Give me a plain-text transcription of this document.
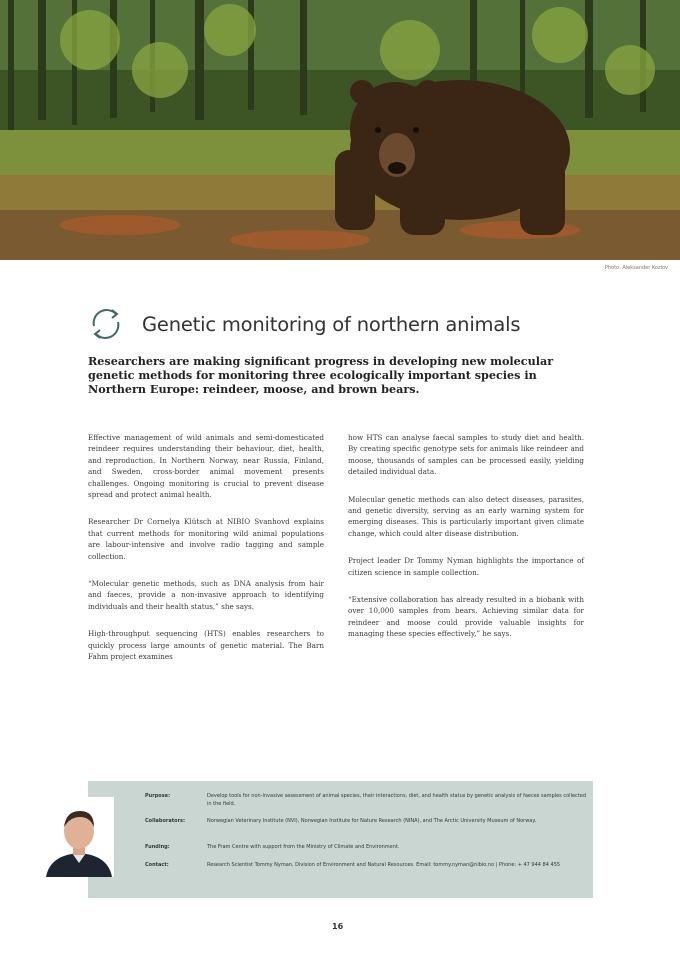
Photo: Aleksander Kozlov
Genetic monitoring of northern animals
Researchers are making significant progress in developing new molecular genetic methods for monitoring three ecologically important species in Northern Europe: reindeer, moose, and brown bears.

Effective management of wild animals and semi-domesticated reindeer requires understanding their behaviour, diet, health, and reproduction. In Northern Norway, near Russia, Finland, and Sweden, cross-border animal movement presents challenges. Ongoing monitoring is crucial to prevent disease spread and protect animal health.

Researcher Dr Cornelya Klütsch at NIBIO Svanhovd explains that current methods for monitoring wild animal populations are labour-intensive and involve radio tagging and sample collection.

“Molecular genetic methods, such as DNA analysis from hair and faeces, provide a non-invasive approach to identifying individuals and their health status,” she says.

High-throughput sequencing (HTS) enables researchers to quickly process large amounts of genetic material. The Barn Fahm project examines

how HTS can analyse faecal samples to study diet and health. By creating specific genotype sets for animals like reindeer and moose, thousands of samples can be processed easily, yielding detailed individual data.

Molecular genetic methods can also detect diseases, parasites, and genetic diversity, serving as an early warning system for emerging diseases. This is particularly important given climate change, which could alter disease distribution.

Project leader Dr Tommy Nyman highlights the importance of citizen science in sample collection.

“Extensive collaboration has already resulted in a biobank with over 10,000 samples from bears. Achieving similar data for reindeer and moose could provide valuable insights for managing these species effectively,” he says.

Purpose:	Develop tools for non-invasive assessment of animal species, their interactions, diet, and health status by genetic analysis of faeces samples collected in the field.
Collaborators:	Norwegian Veterinary Institute (NVI), Norwegian Institute for Nature Research (NINA), and The Arctic University Museum of Norway.
Funding:	The Fram Centre with support from the Ministry of Climate and Environment.
Contact:	Research Scientist Tommy Nyman, Division of Environment and Natural Resources. Email: tommy.nyman@nibio.no | Phone: + 47 944 84 455
16
